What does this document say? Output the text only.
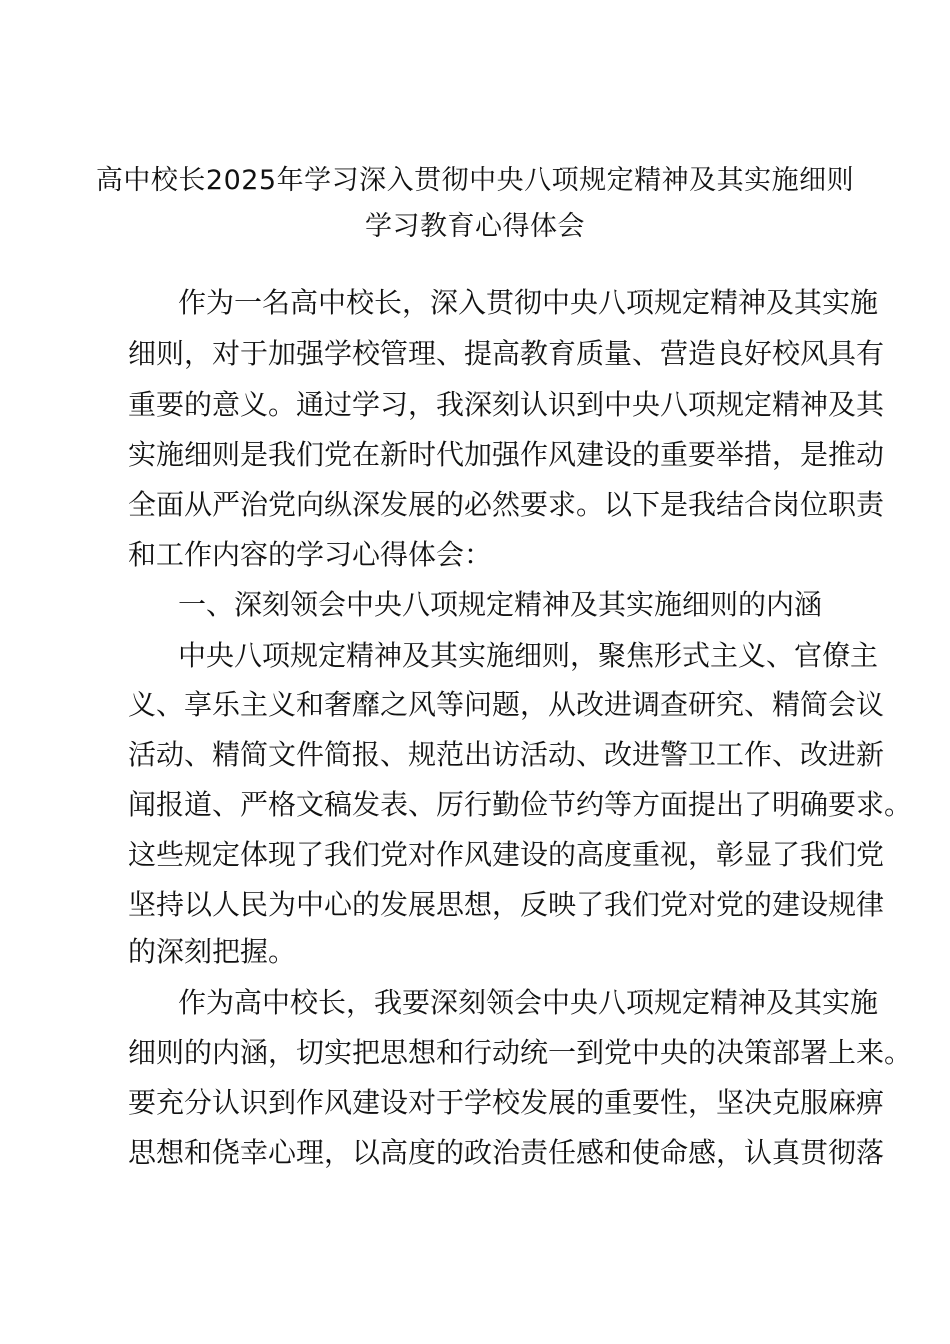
高中校长2025年学习深入贯彻中央八项规定精神及其实施细则
学习教育心得体会
作为一名高中校长，深入贯彻中央八项规定精神及其实施
细则，对于加强学校管理、提高教育质量、营造良好校风具有
重要的意义。通过学习，我深刻认识到中央八项规定精神及其
实施细则是我们党在新时代加强作风建设的重要举措，是推动
全面从严治党向纵深发展的必然要求。以下是我结合岗位职责
和工作内容的学习心得体会：
一、深刻领会中央八项规定精神及其实施细则的内涵
中央八项规定精神及其实施细则，聚焦形式主义、官僚主
义、享乐主义和奢靡之风等问题，从改进调查研究、精简会议
活动、精简文件简报、规范出访活动、改进警卫工作、改进新
闻报道、严格文稿发表、厉行勤俭节约等方面提出了明确要求。
这些规定体现了我们党对作风建设的高度重视，彰显了我们党
坚持以人民为中心的发展思想，反映了我们党对党的建设规律
的深刻把握。
作为高中校长，我要深刻领会中央八项规定精神及其实施
细则的内涵，切实把思想和行动统一到党中央的决策部署上来。
要充分认识到作风建设对于学校发展的重要性，坚决克服麻痹
思想和侥幸心理，以高度的政治责任感和使命感，认真贯彻落
